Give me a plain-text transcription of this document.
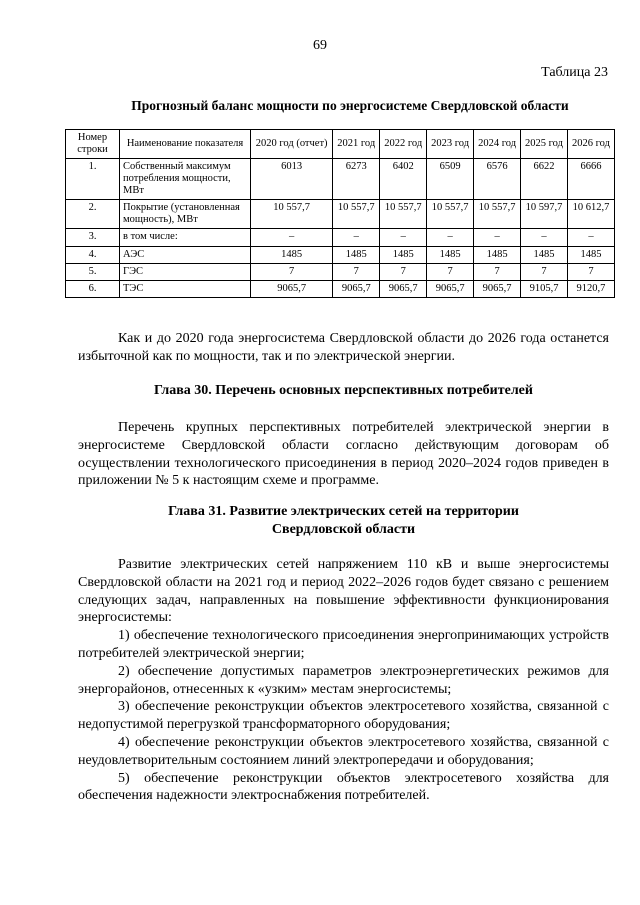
69
Таблица 23
Прогнозный баланс мощности по энергосистеме Свердловской области
Номер строки	Наименование показателя	2020 год (отчет)	2021 год	2022 год	2023 год	2024 год	2025 год	2026 год
1.	Собственный максимум потребления мощности, МВт	6013	6273	6402	6509	6576	6622	6666
2.	Покрытие (установленная мощность), МВт	10 557,7	10 557,7	10 557,7	10 557,7	10 557,7	10 597,7	10 612,7
3.	в том числе:	–	–	–	–	–	–	–
4.	АЭС	1485	1485	1485	1485	1485	1485	1485
5.	ГЭС	7	7	7	7	7	7	7
6.	ТЭС	9065,7	9065,7	9065,7	9065,7	9065,7	9105,7	9120,7
Как и до 2020 года энергосистема Свердловской области до 2026 года останется избыточной как по мощности, так и по электрической энергии.
Глава 30. Перечень основных перспективных потребителей
Перечень крупных перспективных потребителей электрической энергии в энергосистеме Свердловской области согласно действующим договорам об осуществлении технологического присоединения в период 2020–2024 годов приведен в приложении № 5 к настоящим схеме и программе.
Глава 31. Развитие электрических сетей на территории
Свердловской области
Развитие электрических сетей напряжением 110 кВ и выше энергосистемы Свердловской области на 2021 год и период 2022–2026 годов будет связано с решением следующих задач, направленных на повышение эффективности функционирования энергосистемы:
1) обеспечение технологического присоединения энергопринимающих устройств потребителей электрической энергии;
2) обеспечение допустимых параметров электроэнергетических режимов для энергорайонов, отнесенных к «узким» местам энергосистемы;
3) обеспечение реконструкции объектов электросетевого хозяйства, связанной с недопустимой перегрузкой трансформаторного оборудования;
4) обеспечение реконструкции объектов электросетевого хозяйства, связанной с неудовлетворительным состоянием линий электропередачи и оборудования;
5) обеспечение реконструкции объектов электросетевого хозяйства для обеспечения надежности электроснабжения потребителей.
